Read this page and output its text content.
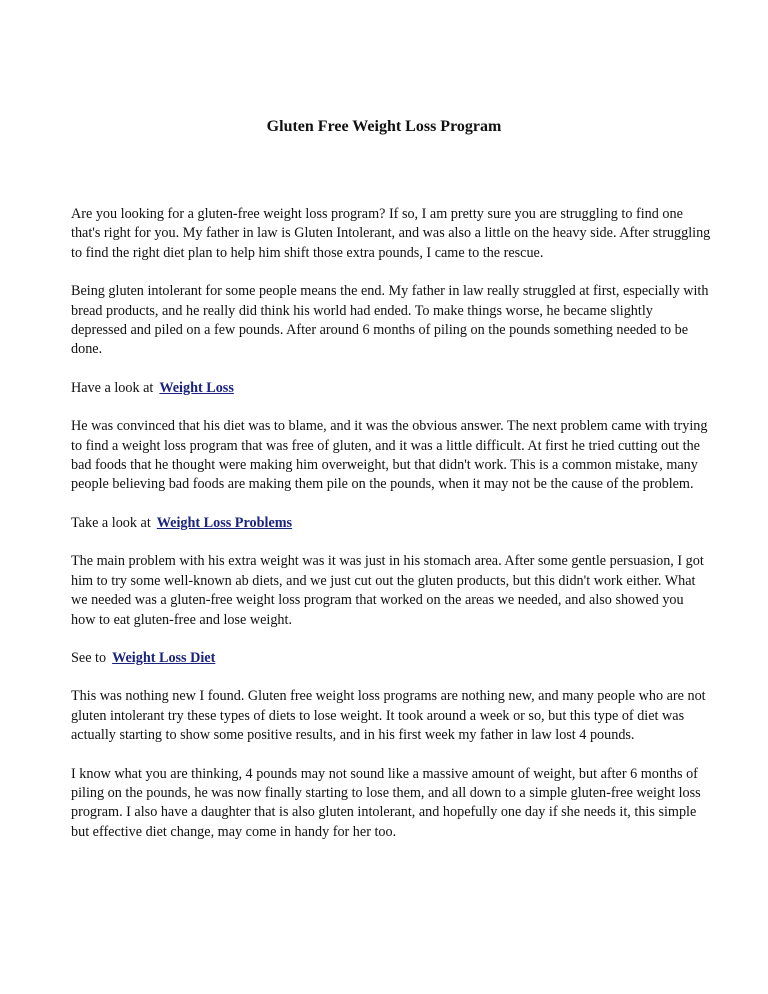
Gluten Free Weight Loss Program

Are you looking for a gluten-free weight loss program? If so, I am pretty sure you are struggling to find one that's right for you. My father in law is Gluten Intolerant, and was also a little on the heavy side. After struggling to find the right diet plan to help him shift those extra pounds, I came to the rescue.

Being gluten intolerant for some people means the end. My father in law really struggled at first, especially with bread products, and he really did think his world had ended. To make things worse, he became slightly depressed and piled on a few pounds. After around 6 months of piling on the pounds something needed to be done.

Have a look at Weight Loss

He was convinced that his diet was to blame, and it was the obvious answer. The next problem came with trying to find a weight loss program that was free of gluten, and it was a little difficult. At first he tried cutting out the bad foods that he thought were making him overweight, but that didn't work. This is a common mistake, many people believing bad foods are making them pile on the pounds, when it may not be the cause of the problem.

Take a look at Weight Loss Problems

The main problem with his extra weight was it was just in his stomach area. After some gentle persuasion, I got him to try some well-known ab diets, and we just cut out the gluten products, but this didn't work either. What we needed was a gluten-free weight loss program that worked on the areas we needed, and also showed you how to eat gluten-free and lose weight.

See to Weight Loss Diet

This was nothing new I found. Gluten free weight loss programs are nothing new, and many people who are not gluten intolerant try these types of diets to lose weight. It took around a week or so, but this type of diet was actually starting to show some positive results, and in his first week my father in law lost 4 pounds.

I know what you are thinking, 4 pounds may not sound like a massive amount of weight, but after 6 months of piling on the pounds, he was now finally starting to lose them, and all down to a simple gluten-free weight loss program. I also have a daughter that is also gluten intolerant, and hopefully one day if she needs it, this simple but effective diet change, may come in handy for her too.
